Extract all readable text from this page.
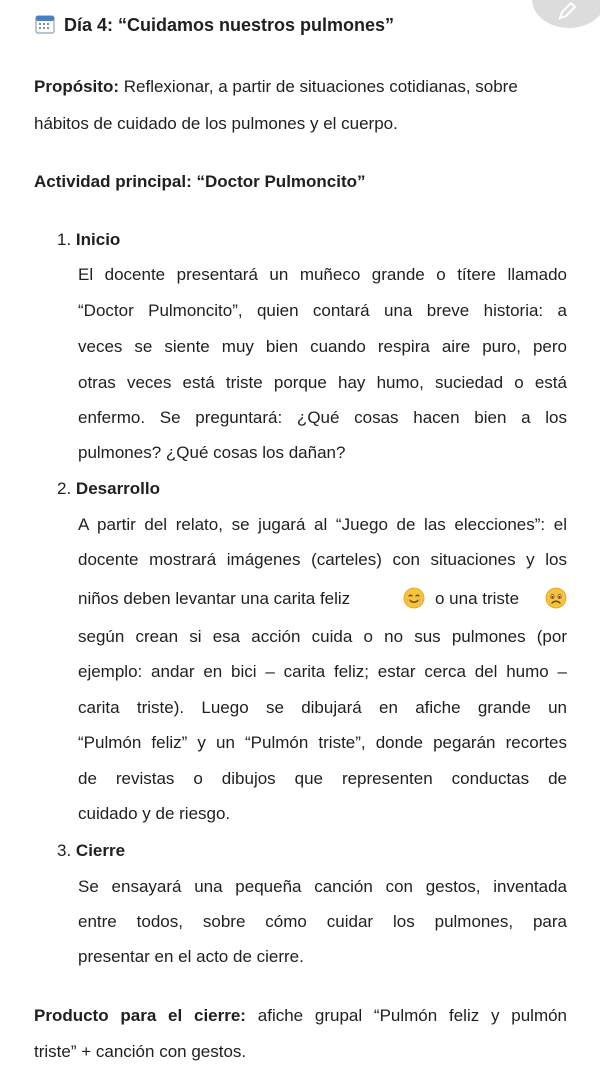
Día 4: “Cuidamos nuestros pulmones”
Propósito: Reflexionar, a partir de situaciones cotidianas, sobre
hábitos de cuidado de los pulmones y el cuerpo.
Actividad principal: “Doctor Pulmoncito”
1. Inicio
El docente presentará un muñeco grande o títere llamado
“Doctor Pulmoncito”, quien contará una breve historia: a
veces se siente muy bien cuando respira aire puro, pero
otras veces está triste porque hay humo, suciedad o está
enfermo. Se preguntará: ¿Qué cosas hacen bien a los
pulmones? ¿Qué cosas los dañan?
2. Desarrollo
A partir del relato, se jugará al “Juego de las elecciones”: el
docente mostrará imágenes (carteles) con situaciones y los
niños deben levantar una carita feliz	o una triste
según crean si esa acción cuida o no sus pulmones (por
ejemplo: andar en bici – carita feliz; estar cerca del humo –
carita triste). Luego se dibujará en afiche grande un
“Pulmón feliz” y un “Pulmón triste”, donde pegarán recortes
de revistas o dibujos que representen conductas de
cuidado y de riesgo.
3. Cierre
Se ensayará una pequeña canción con gestos, inventada
entre todos, sobre cómo cuidar los pulmones, para
presentar en el acto de cierre.
Producto para el cierre: afiche grupal “Pulmón feliz y pulmón
triste” + canción con gestos.
